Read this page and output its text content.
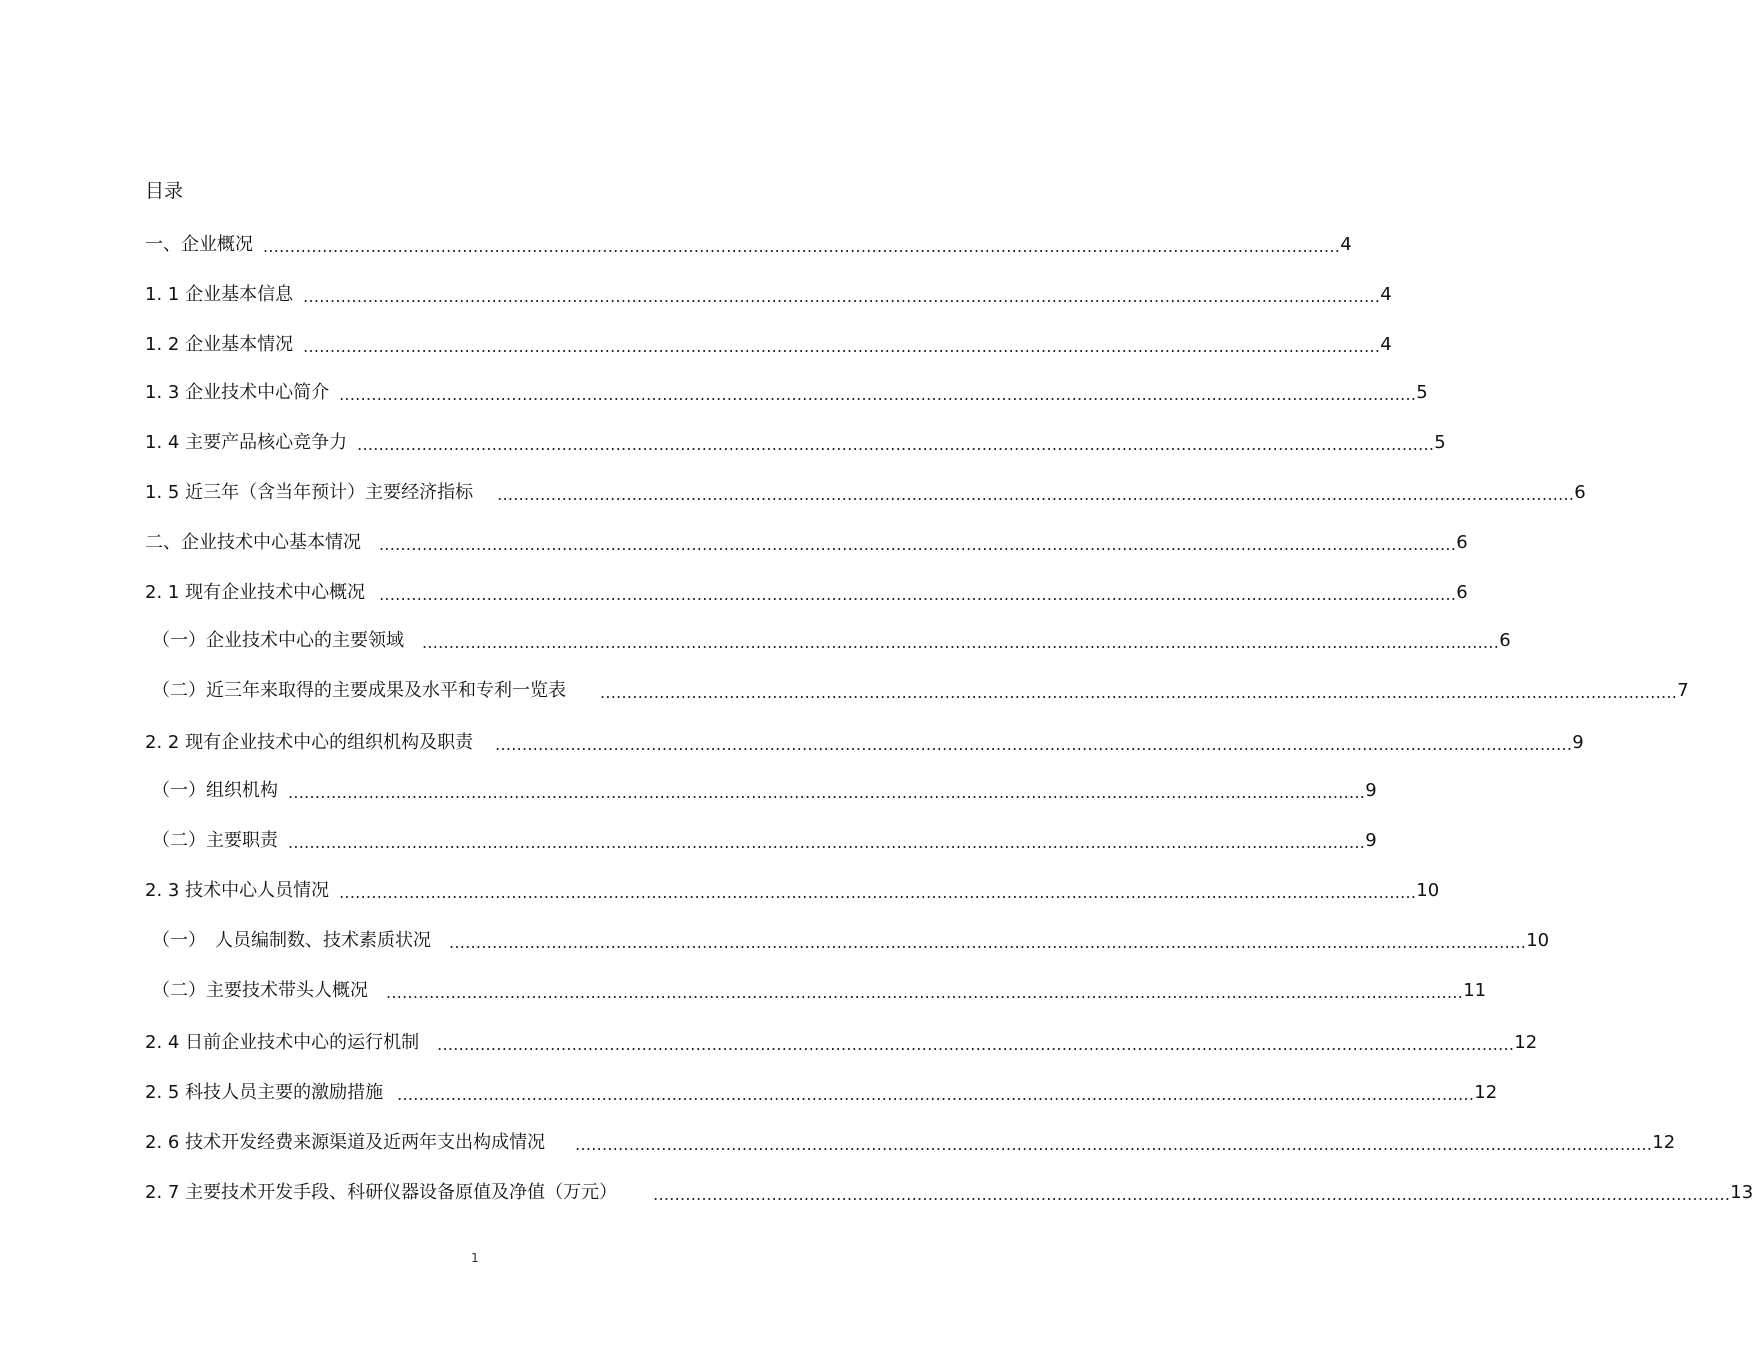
目录
一、企业概况 ........................................................................................................................................................................................................ 4
1. 1 企业基本信息 ........................................................................................................................................................................................................ 4
1. 2 企业基本情况 ........................................................................................................................................................................................................ 4
1. 3 企业技术中心简介 ........................................................................................................................................................................................................ 5
1. 4 主要产品核心竞争力 ........................................................................................................................................................................................................ 5
1. 5 近三年（含当年预计）主要经济指标 ........................................................................................................................................................................................................ 6
二、企业技术中心基本情况 ........................................................................................................................................................................................................ 6
2. 1 现有企业技术中心概况 ........................................................................................................................................................................................................ 6
（一）企业技术中心的主要领域 ........................................................................................................................................................................................................ 6
（二）近三年来取得的主要成果及水平和专利一览表 ........................................................................................................................................................................................................ 7
2. 2 现有企业技术中心的组织机构及职责 ........................................................................................................................................................................................................ 9
（一）组织机构 ........................................................................................................................................................................................................ 9
（二）主要职责 ........................................................................................................................................................................................................ 9
2. 3 技术中心人员情况 ........................................................................................................................................................................................................ 10
（一）　人员编制数、技术素质状况 ........................................................................................................................................................................................................ 10
（二）主要技术带头人概况 ........................................................................................................................................................................................................ 11
2. 4 日前企业技术中心的运行机制 ........................................................................................................................................................................................................ 12
2. 5 科技人员主要的激励措施 ........................................................................................................................................................................................................ 12
2. 6 技术开发经费来源渠道及近两年支出构成情况 ........................................................................................................................................................................................................ 12
2. 7 主要技术开发手段、科研仪器设备原值及净值（万元） ........................................................................................................................................................................................................ 13
1
